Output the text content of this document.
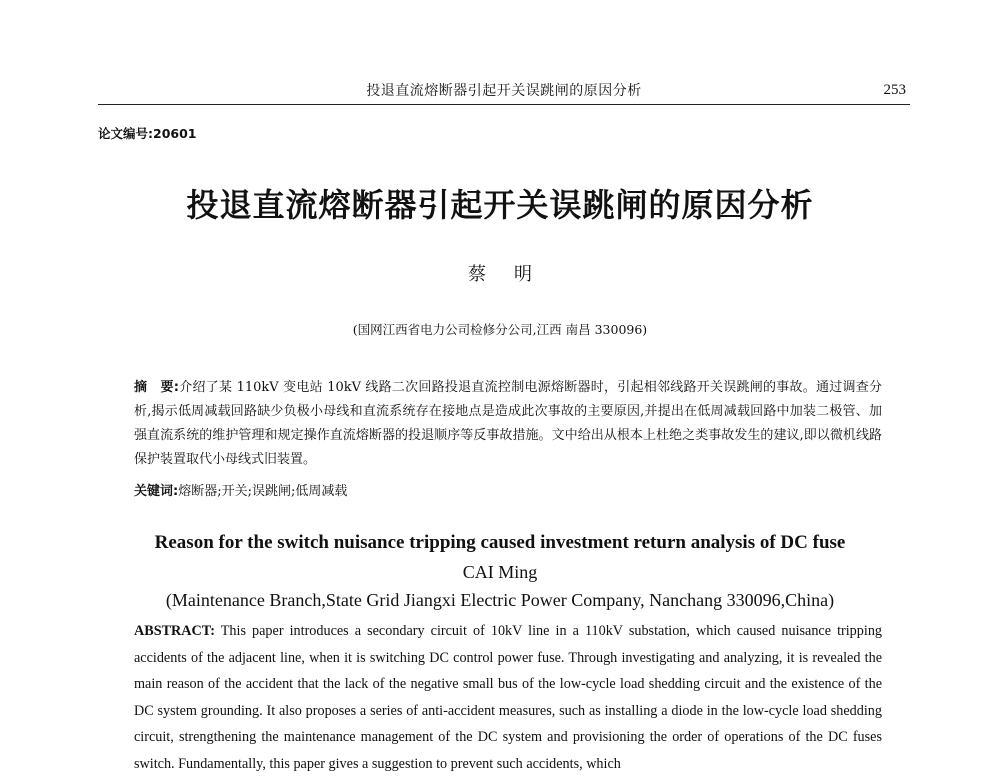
投退直流熔断器引起开关误跳闸的原因分析	253
论文编号:20601
投退直流熔断器引起开关误跳闸的原因分析
蔡明
(国网江西省电力公司检修分公司,江西 南昌 330096)
摘　要:介绍了某 110kV 变电站 10kV 线路二次回路投退直流控制电源熔断器时，引起相邻线路开关误跳闸的事故。通过调查分析,揭示低周减载回路缺少负极小母线和直流系统存在接地点是造成此次事故的主要原因,并提出在低周减载回路中加装二极管、加强直流系统的维护管理和规定操作直流熔断器的投退顺序等反事故措施。文中给出从根本上杜绝之类事故发生的建议,即以微机线路保护装置取代小母线式旧装置。
关键词:熔断器;开关;误跳闸;低周减载
Reason for the switch nuisance tripping caused investment return analysis of DC fuse
CAI Ming
(Maintenance Branch,State Grid Jiangxi Electric Power Company, Nanchang 330096,China)
ABSTRACT: This paper introduces a secondary circuit of 10kV line in a 110kV substation, which caused nuisance tripping accidents of the adjacent line, when it is switching DC control power fuse. Through investigating and analyzing, it is revealed the main reason of the accident that the lack of the negative small bus of the low-cycle load shedding circuit and the existence of the DC system grounding. It also proposes a series of anti-accident measures, such as installing a diode in the low-cycle load shedding circuit, strengthening the maintenance management of the DC system and provisioning the order of operations of the DC fuses switch. Fundamentally, this paper gives a suggestion to prevent such accidents, which
